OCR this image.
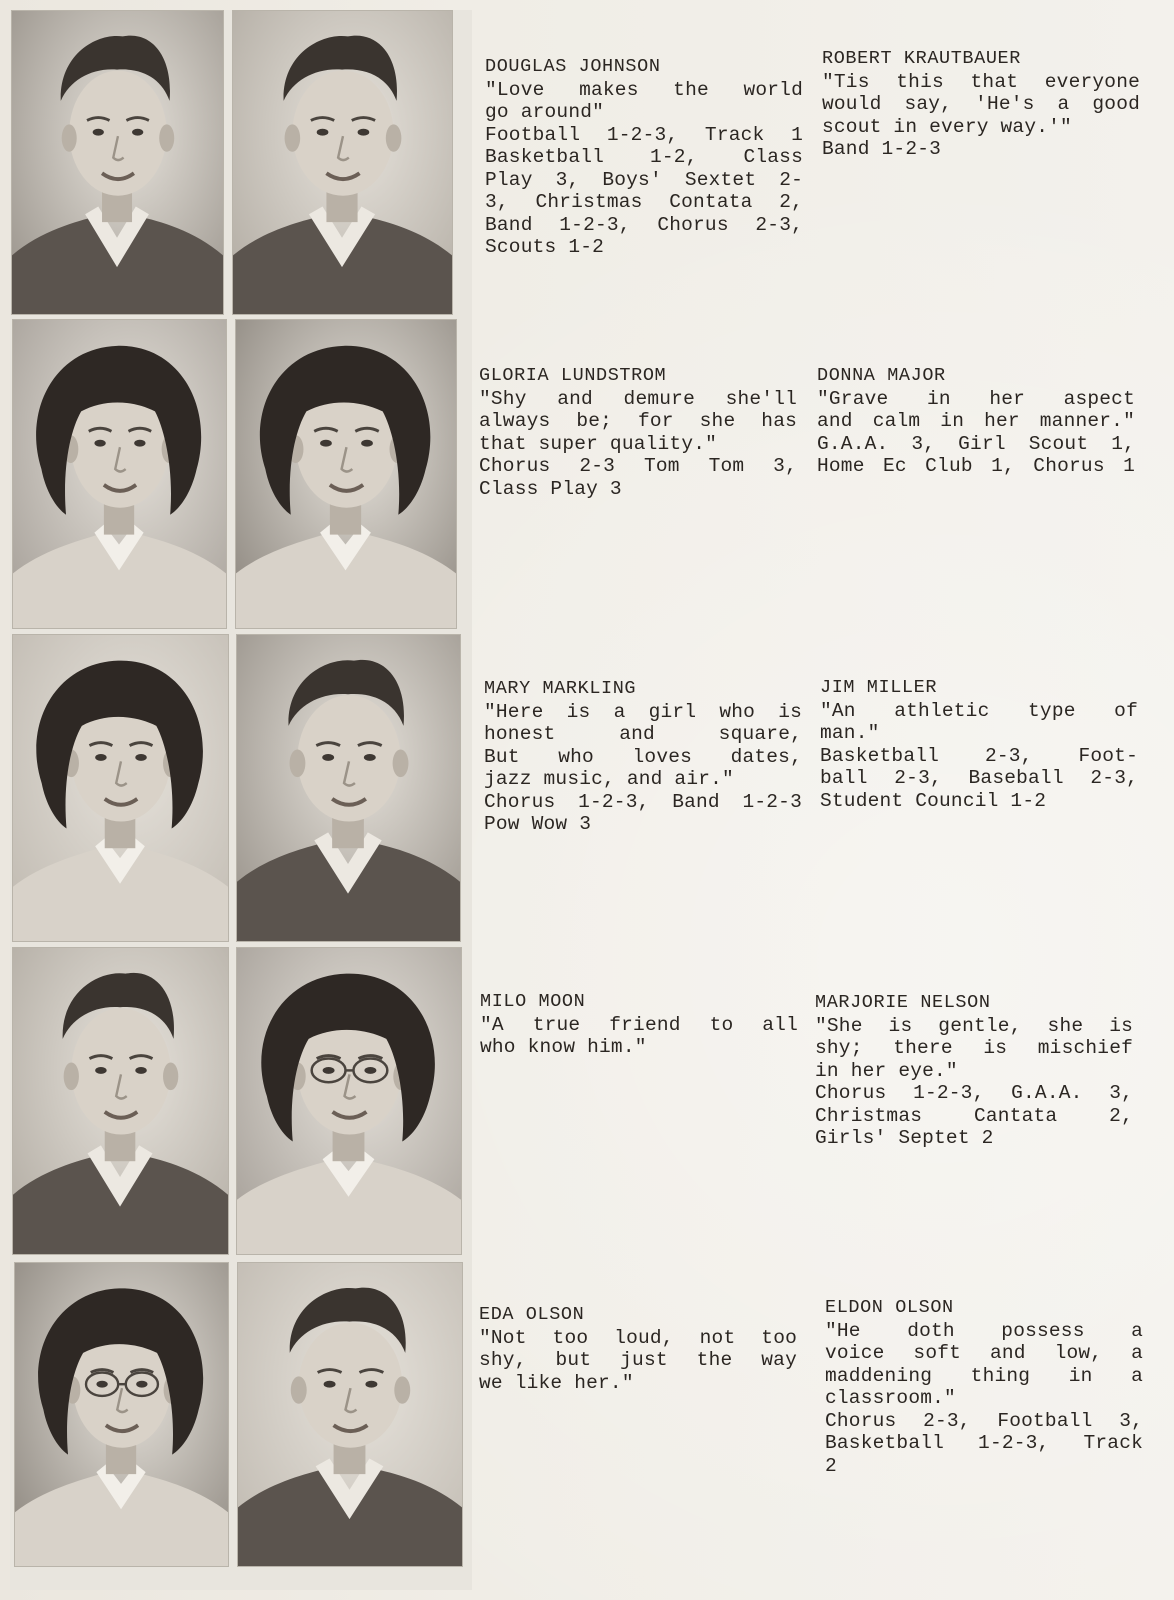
DOUGLAS JOHNSON
"Love makes the world
go around"
Football 1-2-3, Track 1
Basketball 1-2, Class
Play 3, Boys' Sextet 2-
3, Christmas Contata 2,
Band 1-2-3, Chorus 2-3,
Scouts 1-2
ROBERT KRAUTBAUER
"Tis this that everyone
would say, 'He's a good
scout in every way.'"
Band 1-2-3
GLORIA LUNDSTROM
"Shy and demure she'll
always be; for she has
that super quality."
Chorus 2-3 Tom Tom 3,
Class Play 3
DONNA MAJOR
"Grave in her aspect
and calm in her manner."
G.A.A. 3, Girl Scout 1,
Home Ec Club 1, Chorus 1
MARY MARKLING
"Here is a girl who is
honest and square,
But who loves dates,
jazz music, and air."
Chorus 1-2-3, Band 1-2-3
Pow Wow 3
JIM MILLER
"An athletic type of
man."
Basketball 2-3, Foot-
ball 2-3, Baseball 2-3,
Student Council 1-2
MILO MOON
"A true friend to all
who know him."
MARJORIE NELSON
"She is gentle, she is
shy; there is mischief
in her eye."
Chorus 1-2-3, G.A.A. 3,
Christmas Cantata 2,
Girls' Septet 2
EDA OLSON
"Not too loud, not too
shy, but just the way
we like her."
ELDON OLSON
"He doth possess a
voice soft and low, a
maddening thing in a
classroom."
Chorus 2-3, Football 3,
Basketball 1-2-3, Track
2
